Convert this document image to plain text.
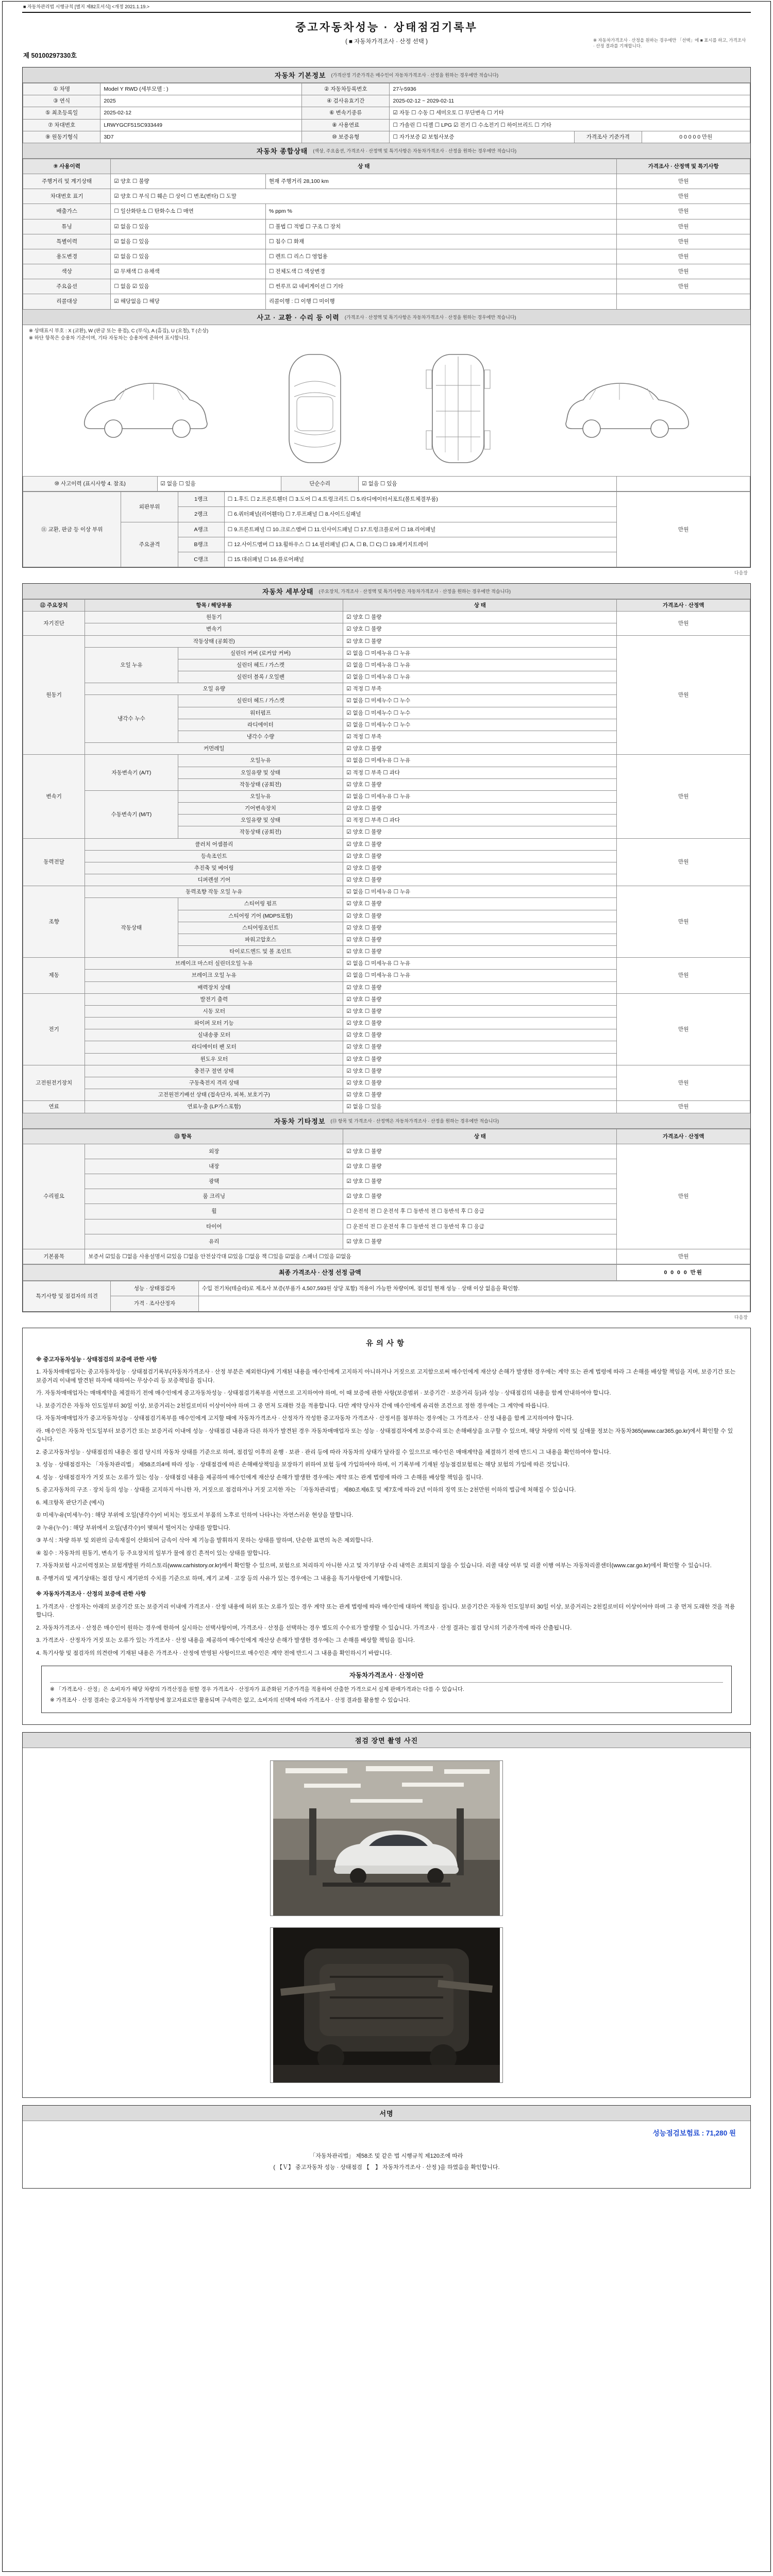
■ 자동차관리법 시행규칙 [별지 제82호서식] <개정 2021.1.19.>
중고자동차성능 · 상태점검기록부
( ■ 자동차가격조사 · 산정 선택 )	※ 자동차가격조사 · 산정을 원하는 경우에만 「선택」에 ■ 표시를 하고, 가격조사 · 산정 결과를 기재합니다.
제 50100297330호
자동차 기본정보 (가격산정 기준가격은 매수인이 자동차가격조사 · 산정을 원하는 경우에만 적습니다)
① 차명	Model Y RWD (세부모델 : )	② 자동차등록번호	27누5936		
③ 연식	2025	④ 검사유효기간	2025-02-12 ~ 2029-02-11		
⑤ 최초등록일	2025-02-12	⑥ 변속기종류	☑ 자동 ☐ 수동 ☐ 세미오토 ☐ 무단변속 ☐ 기타		
⑦ 차대번호	LRWYGCF51SC933449	⑧ 사용연료	☐ 가솔린 ☐ 디젤 ☐ LPG ☑ 전기 ☐ 수소전기 ☐ 하이브리드 ☐ 기타		
⑨ 원동기형식	3D7	⑩ 보증유형	☐ 자가보증 ☑ 보험사보증	가격조사 기준가격	0 0 0 0 0 만원
자동차 종합상태 (색상, 주요옵션, 가격조사 · 산정액 및 특기사항은 자동차가격조사 · 산정을 원하는 경우에만 적습니다)
⑨ 사용이력	상 태		가격조사 · 산정액 및 특기사항
주행거리 및 계기상태	☑ 양호 ☐ 불량	현재 주행거리 28,100 km	만원
차대번호 표기	☑ 양호 ☐ 부식 ☐ 훼손 ☐ 상이 ☐ 변조(변타) ☐ 도말		만원
배출가스	☐ 일산화탄소 ☐ 탄화수소 ☐ 매연	% ppm %	만원
튜닝	☑ 없음 ☐ 있음	☐ 불법 ☐ 적법 ☐ 구조 ☐ 장치	만원
특별이력	☑ 없음 ☐ 있음	☐ 침수 ☐ 화재	만원
용도변경	☑ 없음 ☐ 있음	☐ 렌트 ☐ 리스 ☐ 영업용	만원
색상	☑ 무채색 ☐ 유채색	☐ 전체도색 ☐ 색상변경	만원
주요옵션	☐ 없음 ☑ 있음	☐ 썬루프 ☑ 네비게이션 ☐ 기타	만원
리콜대상	☑ 해당없음 ☐ 해당	리콜이행 : ☐ 이행 ☐ 미이행	
사고 · 교환 · 수리 등 이력 (가격조사 · 산정액 및 특기사항은 자동차가격조사 · 산정을 원하는 경우에만 적습니다)
※ 상태표시 부호 : X (교환), W (판금 또는 용접), C (부식), A (흠집), U (요철), T (손상)
※ 하단 항목은 승용차 기준이며, 기타 자동차는 승용차에 준하여 표시합니다.
⑩ 사고이력 (표시사항 4. 참조)	☑ 없음 ☐ 있음	단순수리	☑ 없음 ☐ 있음	
⑪ 교환, 판금 등 이상 부위	외판부위	1랭크	☐ 1.후드 ☐ 2.프론트휀더 ☐ 3.도어 ☐ 4.트렁크리드 ☐ 5.라디에이터서포트(볼트체결부품)	만원
		2랭크	☐ 6.쿼터패널(리어휀더) ☐ 7.루프패널 ☐ 8.사이드실패널	
	주요골격	A랭크	☐ 9.프론트패널 ☐ 10.크로스멤버 ☐ 11.인사이드패널 ☐ 17.트렁크플로어 ☐ 18.리어패널	
		B랭크	☐ 12.사이드멤버 ☐ 13.휠하우스 ☐ 14.필러패널 (☐ A, ☐ B, ☐ C) ☐ 19.패키지트레이	
		C랭크	☐ 15.대쉬패널 ☐ 16.플로어패널	
다음장
자동차 세부상태 (주요장치, 가격조사 · 산정액 및 특기사항은 자동차가격조사 · 산정을 원하는 경우에만 적습니다)
⑫ 주요장치	항목 / 해당부품		상 태	가격조사 · 산정액
자기진단	원동기		☑ 양호 ☐ 불량	만원
	변속기		☑ 양호 ☐ 불량	
원동기	작동상태 (공회전)		☑ 양호 ☐ 불량	만원
	오일 누유	실린더 커버 (로커암 커버)	☑ 없음 ☐ 미세누유 ☐ 누유	
		실린더 헤드 / 가스켓	☑ 없음 ☐ 미세누유 ☐ 누유	
		실린더 블록 / 오일팬	☑ 없음 ☐ 미세누유 ☐ 누유	
	오일 유량		☑ 적정 ☐ 부족	
	냉각수 누수	실린더 헤드 / 가스켓	☑ 없음 ☐ 미세누수 ☐ 누수	
		워터펌프	☑ 없음 ☐ 미세누수 ☐ 누수	
		라디에이터	☑ 없음 ☐ 미세누수 ☐ 누수	
		냉각수 수량	☑ 적정 ☐ 부족	
	커먼레일		☑ 양호 ☐ 불량	
변속기	자동변속기 (A/T)	오일누유	☑ 없음 ☐ 미세누유 ☐ 누유	만원
		오일유량 및 상태	☑ 적정 ☐ 부족 ☐ 과다	
		작동상태 (공회전)	☑ 양호 ☐ 불량	
	수동변속기 (M/T)	오일누유	☑ 없음 ☐ 미세누유 ☐ 누유	
		기어변속장치	☑ 양호 ☐ 불량	
		오일유량 및 상태	☑ 적정 ☐ 부족 ☐ 과다	
		작동상태 (공회전)	☑ 양호 ☐ 불량	
동력전달	클러치 어셈블리		☑ 양호 ☐ 불량	만원
	등속조인트		☑ 양호 ☐ 불량	
	추진축 및 베어링		☑ 양호 ☐ 불량	
	디퍼렌셜 기어		☑ 양호 ☐ 불량	
조향	동력조향 작동 오일 누유		☑ 없음 ☐ 미세누유 ☐ 누유	만원
	작동상태	스티어링 펌프	☑ 양호 ☐ 불량	
		스티어링 기어 (MDPS포함)	☑ 양호 ☐ 불량	
		스티어링조인트	☑ 양호 ☐ 불량	
		파워고압호스	☑ 양호 ☐ 불량	
		타이로드엔드 및 볼 조인트	☑ 양호 ☐ 불량	
제동	브레이크 마스터 실린더오일 누유		☑ 없음 ☐ 미세누유 ☐ 누유	만원
	브레이크 오일 누유		☑ 없음 ☐ 미세누유 ☐ 누유	
	배력장치 상태		☑ 양호 ☐ 불량	
전기	발전기 출력		☑ 양호 ☐ 불량	만원
	시동 모터		☑ 양호 ☐ 불량	
	와이퍼 모터 기능		☑ 양호 ☐ 불량	
	실내송풍 모터		☑ 양호 ☐ 불량	
	라디에이터 팬 모터		☑ 양호 ☐ 불량	
	윈도우 모터		☑ 양호 ☐ 불량	
고전원전기장치	충전구 절연 상태		☑ 양호 ☐ 불량	만원
	구동축전지 격리 상태		☑ 양호 ☐ 불량	
	고전원전기배선 상태 (접속단자, 피복, 보호기구)		☑ 양호 ☐ 불량	
연료	연료누출 (LP가스포함)		☑ 없음 ☐ 있음	만원
자동차 기타정보 (⑬ 항목 및 가격조사 · 산정액은 자동차가격조사 · 산정을 원하는 경우에만 적습니다)
⑬ 항목		상 태	가격조사 · 산정액
수리필요	외장	☑ 양호 ☐ 불량	만원
	내장	☑ 양호 ☐ 불량	
	광택	☑ 양호 ☐ 불량	
	룸 크리닝	☑ 양호 ☐ 불량	
	휠	☐ 운전석 전 ☐ 운전석 후 ☐ 동반석 전 ☐ 동반석 후 ☐ 응급	
	타이어	☐ 운전석 전 ☐ 운전석 후 ☐ 동반석 전 ☐ 동반석 후 ☐ 응급	
	유리	☑ 양호 ☐ 불량	
기본품목	보증서 ☑있음 ☐없음 사용설명서 ☑있음 ☐없음 안전삼각대 ☑있음 ☐없음 잭 ☐있음 ☑없음 스패너 ☐있음 ☑없음		만원
최종 가격조사 · 산정 선정 금액	0 0 0 0 만원
특기사항 및 점검자의 의견	성능 · 상태점검자	수입 전기차(테슬라)로 제조사 보증(부품가 4,507,593원 상당 포함) 적용이 가능한 차량이며, 점검일 현재 성능 · 상태 이상 없음을 확인함.
	가격 · 조사산정자	
다음장
유의사항

※ 중고자동차성능 · 상태점검의 보증에 관한 사항

1. 자동차매매업자는 중고자동차성능 · 상태점검기록부(자동차가격조사 · 산정 부분은 제외한다)에 기재된 내용을 매수인에게 고지하지 아니하거나 거짓으로 고지함으로써 매수인에게 재산상 손해가 발생한 경우에는 계약 또는 관계 법령에 따라 그 손해를 배상할 책임을 지며, 보증기간 또는 보증거리 이내에 발견된 하자에 대하여는 무상수리 등 보증책임을 집니다.

가. 자동차매매업자는 매매계약을 체결하기 전에 매수인에게 중고자동차성능 · 상태점검기록부를 서면으로 고지하여야 하며, 이 때 보증에 관한 사항(보증범위 · 보증기간 · 보증거리 등)과 성능 · 상태점검의 내용을 함께 안내하여야 합니다.

나. 보증기간은 자동차 인도일부터 30일 이상, 보증거리는 2천킬로미터 이상이어야 하며 그 중 먼저 도래한 것을 적용합니다. 다만 계약 당사자 간에 매수인에게 유리한 조건으로 정한 경우에는 그 계약에 따릅니다.

다. 자동차매매업자가 중고자동차성능 · 상태점검기록부를 매수인에게 고지할 때에 자동차가격조사 · 산정자가 작성한 중고자동차 가격조사 · 산정서를 첨부하는 경우에는 그 가격조사 · 산정 내용을 함께 고지하여야 합니다.

라. 매수인은 자동차 인도일부터 보증기간 또는 보증거리 이내에 성능 · 상태점검 내용과 다른 하자가 발견된 경우 자동차매매업자 또는 성능 · 상태점검자에게 보증수리 또는 손해배상을 요구할 수 있으며, 해당 차량의 이력 및 실매물 정보는 자동차365(www.car365.go.kr)에서 확인할 수 있습니다.

2. 중고자동차성능 · 상태점검의 내용은 점검 당시의 자동차 상태를 기준으로 하며, 점검일 이후의 운행 · 보관 · 관리 등에 따라 자동차의 상태가 달라질 수 있으므로 매수인은 매매계약을 체결하기 전에 반드시 그 내용을 확인하여야 합니다.

3. 성능 · 상태점검자는 「자동차관리법」 제58조의4에 따라 성능 · 상태점검에 따른 손해배상책임을 보장하기 위하여 보험 등에 가입하여야 하며, 이 기록부에 기재된 성능점검보험료는 해당 보험의 가입에 따른 것입니다.

4. 성능 · 상태점검자가 거짓 또는 오류가 있는 성능 · 상태점검 내용을 제공하여 매수인에게 재산상 손해가 발생한 경우에는 계약 또는 관계 법령에 따라 그 손해를 배상할 책임을 집니다.

5. 중고자동차의 구조 · 장치 등의 성능 · 상태를 고지하지 아니한 자, 거짓으로 점검하거나 거짓 고지한 자는 「자동차관리법」 제80조제6호 및 제7호에 따라 2년 이하의 징역 또는 2천만원 이하의 벌금에 처해질 수 있습니다.

6. 체크항목 판단기준 (예시)

① 미세누유(미세누수) : 해당 부위에 오일(냉각수)이 비치는 정도로서 부품의 노후로 인하여 나타나는 자연스러운 현상을 말합니다.

② 누유(누수) : 해당 부위에서 오일(냉각수)이 맺혀서 떨어지는 상태를 말합니다.

③ 부식 : 차량 하부 및 외판의 금속재질이 산화되어 금속이 삭아 제 기능을 발휘하지 못하는 상태를 말하며, 단순한 표면의 녹은 제외합니다.

④ 침수 : 자동차의 원동기, 변속기 등 주요장치의 일부가 물에 잠긴 흔적이 있는 상태를 말합니다.

7. 자동차보험 사고이력정보는 보험개발원 카히스토리(www.carhistory.or.kr)에서 확인할 수 있으며, 보험으로 처리하지 아니한 사고 및 자기부담 수리 내역은 조회되지 않을 수 있습니다. 리콜 대상 여부 및 리콜 이행 여부는 자동차리콜센터(www.car.go.kr)에서 확인할 수 있습니다.

8. 주행거리 및 계기상태는 점검 당시 계기판의 수치를 기준으로 하며, 계기 교체 · 고장 등의 사유가 있는 경우에는 그 내용을 특기사항란에 기재합니다.

※ 자동차가격조사 · 산정의 보증에 관한 사항

1. 가격조사 · 산정자는 아래의 보증기간 또는 보증거리 이내에 가격조사 · 산정 내용에 허위 또는 오류가 있는 경우 계약 또는 관계 법령에 따라 매수인에 대하여 책임을 집니다. 보증기간은 자동차 인도일부터 30일 이상, 보증거리는 2천킬로미터 이상이어야 하며 그 중 먼저 도래한 것을 적용합니다.

2. 자동차가격조사 · 산정은 매수인이 원하는 경우에 한하여 실시하는 선택사항이며, 가격조사 · 산정을 선택하는 경우 별도의 수수료가 발생할 수 있습니다. 가격조사 · 산정 결과는 점검 당시의 기준가격에 따라 산출됩니다.

3. 가격조사 · 산정자가 거짓 또는 오류가 있는 가격조사 · 산정 내용을 제공하여 매수인에게 재산상 손해가 발생한 경우에는 그 손해를 배상할 책임을 집니다.

4. 특기사항 및 점검자의 의견란에 기재된 내용은 가격조사 · 산정에 반영된 사항이므로 매수인은 계약 전에 반드시 그 내용을 확인하시기 바랍니다.

자동차가격조사 · 산정이란

※ 「가격조사 · 산정」은 소비자가 해당 차량의 가격산정을 원할 경우 가격조사 · 산정자가 표준화된 기준가격을 적용하여 산출한 가격으로서 실제 판매가격과는 다를 수 있습니다.

※ 가격조사 · 산정 결과는 중고자동차 가격형성에 참고자료로만 활용되며 구속력은 없고, 소비자의 선택에 따라 가격조사 · 산정 결과를 활용할 수 있습니다.

점검 장면 촬영 사진
서명
성능점검보험료 : 71,280 원

「자동차관리법」 제58조 및 같은 법 시행규칙 제120조에 따라

( 【Ｖ】 중고자동차 성능 · 상태점검 【　】 자동차가격조사 · 산정 )을 하였음을 확인합니다.
